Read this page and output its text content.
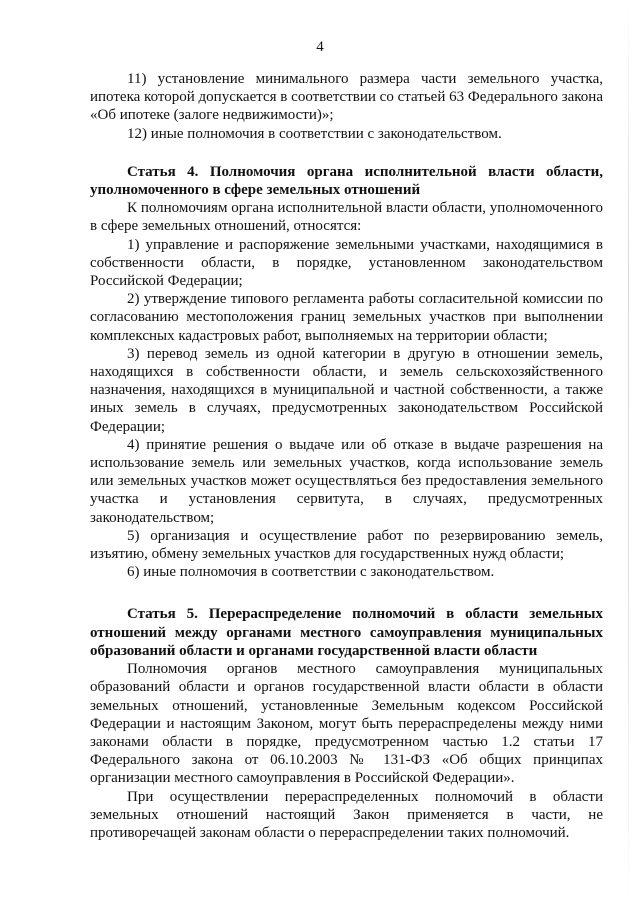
4

11) установление минимального размера части земельного участка, ипотека которой допускается в соответствии со статьей 63 Федерального закона «Об ипотеке (залоге недвижимости)»;

12) иные полномочия в соответствии с законодательством.

Статья 4. Полномочия органа исполнительной власти области, уполномоченного в сфере земельных отношений

К полномочиям органа исполнительной власти области, уполномоченного в сфере земельных отношений, относятся:

1) управление и распоряжение земельными участками, находящимися в собственности области, в порядке, установленном законодательством Российской Федерации;

2) утверждение типового регламента работы согласительной комиссии по согласованию местоположения границ земельных участков при выполнении комплексных кадастровых работ, выполняемых на территории области;

3) перевод земель из одной категории в другую в отношении земель, находящихся в собственности области, и земель сельскохозяйственного назначения, находящихся в муниципальной и частной собственности, а также иных земель в случаях, предусмотренных законодательством Российской Федерации;

4) принятие решения о выдаче или об отказе в выдаче разрешения на использование земель или земельных участков, когда использование земель или земельных участков может осуществляться без предоставления земельного участка и установления сервитута, в случаях, предусмотренных законодательством;

5) организация и осуществление работ по резервированию земель, изъятию, обмену земельных участков для государственных нужд области;

6) иные полномочия в соответствии с законодательством.

Статья 5. Перераспределение полномочий в области земельных отношений между органами местного самоуправления муниципальных образований области и органами государственной власти области

Полномочия органов местного самоуправления муниципальных образований области и органов государственной власти области в области земельных отношений, установленные Земельным кодексом Российской Федерации и настоящим Законом, могут быть перераспределены между ними законами области в порядке, предусмотренном частью 1.2 статьи 17 Федерального закона от 06.10.2003 № 131-ФЗ «Об общих принципах организации местного самоуправления в Российской Федерации».

При осуществлении перераспределенных полномочий в области земельных отношений настоящий Закон применяется в части, не противоречащей законам области о перераспределении таких полномочий.
